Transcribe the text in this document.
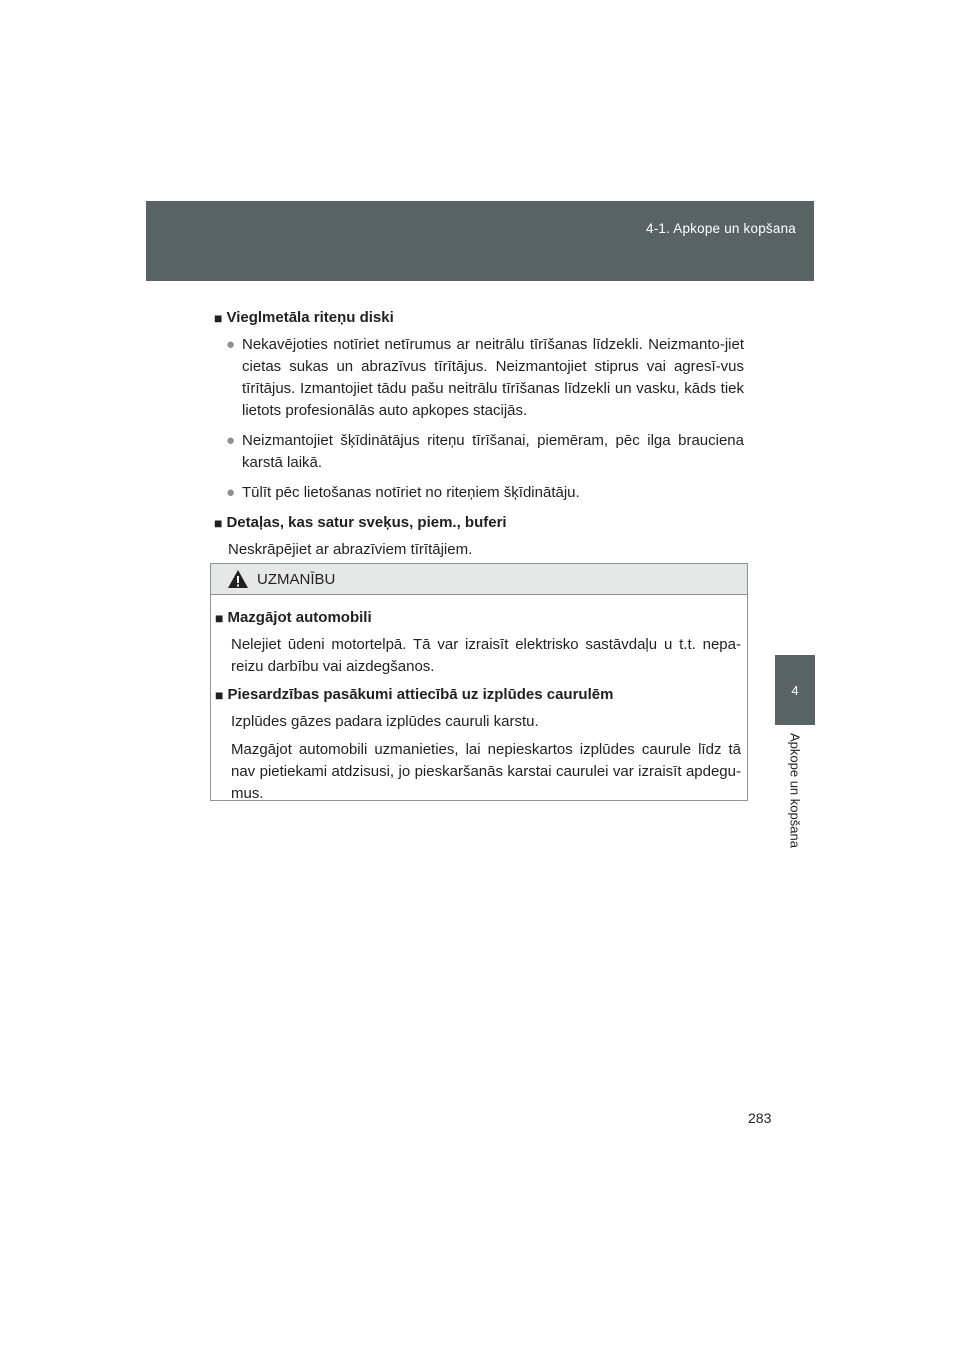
4-1. Apkope un kopšana
4
Apkope un kopšana
■ Vieglmetāla riteņu diski
● Nekavējoties notīriet netīrumus ar neitrālu tīrīšanas līdzekli. Neizmanto-jiet cietas sukas un abrazīvus tīrītājus. Neizmantojiet stiprus vai agresī-vus tīrītājus. Izmantojiet tādu pašu neitrālu tīrīšanas līdzekli un vasku, kāds tiek lietots profesionālās auto apkopes stacijās.
● Neizmantojiet šķīdinātājus riteņu tīrīšanai, piemēram, pēc ilga brauciena karstā laikā.
● Tūlīt pēc lietošanas notīriet no riteņiem šķīdinātāju.
■ Detaļas, kas satur sveķus, piem., buferi

Neskrāpējiet ar abrazīviem tīrītājiem.

UZMANĪBU
■ Mazgājot automobili

Nelejiet ūdeni motortelpā. Tā var izraisīt elektrisko sastāvdaļu u t.t. nepa-reizu darbību vai aizdegšanos.

■ Piesardzības pasākumi attiecībā uz izplūdes caurulēm

Izplūdes gāzes padara izplūdes cauruli karstu.

Mazgājot automobili uzmanieties, lai nepieskartos izplūdes caurule līdz tā nav pietiekami atdzisusi, jo pieskaršanās karstai caurulei var izraisīt apdegu-mus.

283
